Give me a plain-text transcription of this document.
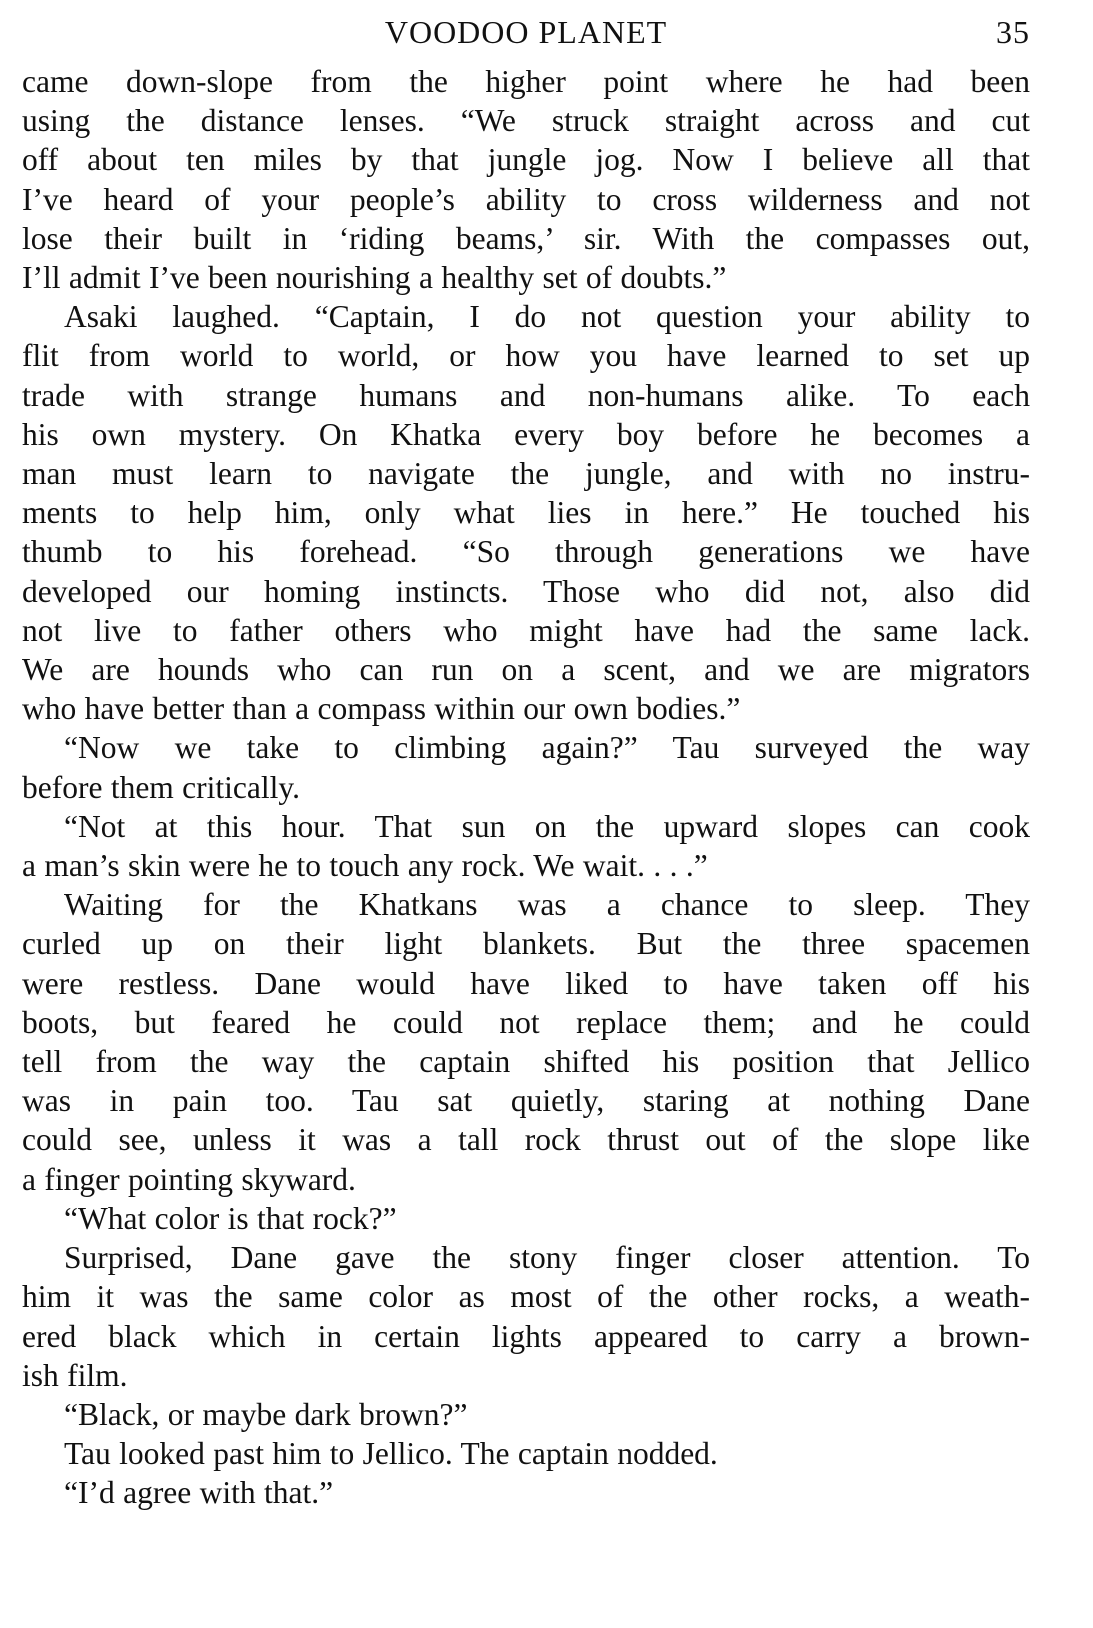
VOODOO PLANET	35
came down-slope from the higher point where he had been
using the distance lenses. “We struck straight across and cut
off about ten miles by that jungle jog. Now I believe all that
I’ve heard of your people’s ability to cross wilderness and not
lose their built in ‘riding beams,’ sir. With the compasses out,
I’ll admit I’ve been nourishing a healthy set of doubts.”
Asaki laughed. “Captain, I do not question your ability to
flit from world to world, or how you have learned to set up
trade with strange humans and non-humans alike. To each
his own mystery. On Khatka every boy before he becomes a
man must learn to navigate the jungle, and with no instru-
ments to help him, only what lies in here.” He touched his
thumb to his forehead. “So through generations we have
developed our homing instincts. Those who did not, also did
not live to father others who might have had the same lack.
We are hounds who can run on a scent, and we are migrators
who have better than a compass within our own bodies.”
“Now we take to climbing again?” Tau surveyed the way
before them critically.
“Not at this hour. That sun on the upward slopes can cook
a man’s skin were he to touch any rock. We wait. . . .”
Waiting for the Khatkans was a chance to sleep. They
curled up on their light blankets. But the three spacemen
were restless. Dane would have liked to have taken off his
boots, but feared he could not replace them; and he could
tell from the way the captain shifted his position that Jellico
was in pain too. Tau sat quietly, staring at nothing Dane
could see, unless it was a tall rock thrust out of the slope like
a finger pointing skyward.
“What color is that rock?”
Surprised, Dane gave the stony finger closer attention. To
him it was the same color as most of the other rocks, a weath-
ered black which in certain lights appeared to carry a brown-
ish film.
“Black, or maybe dark brown?”
Tau looked past him to Jellico. The captain nodded.
“I’d agree with that.”
